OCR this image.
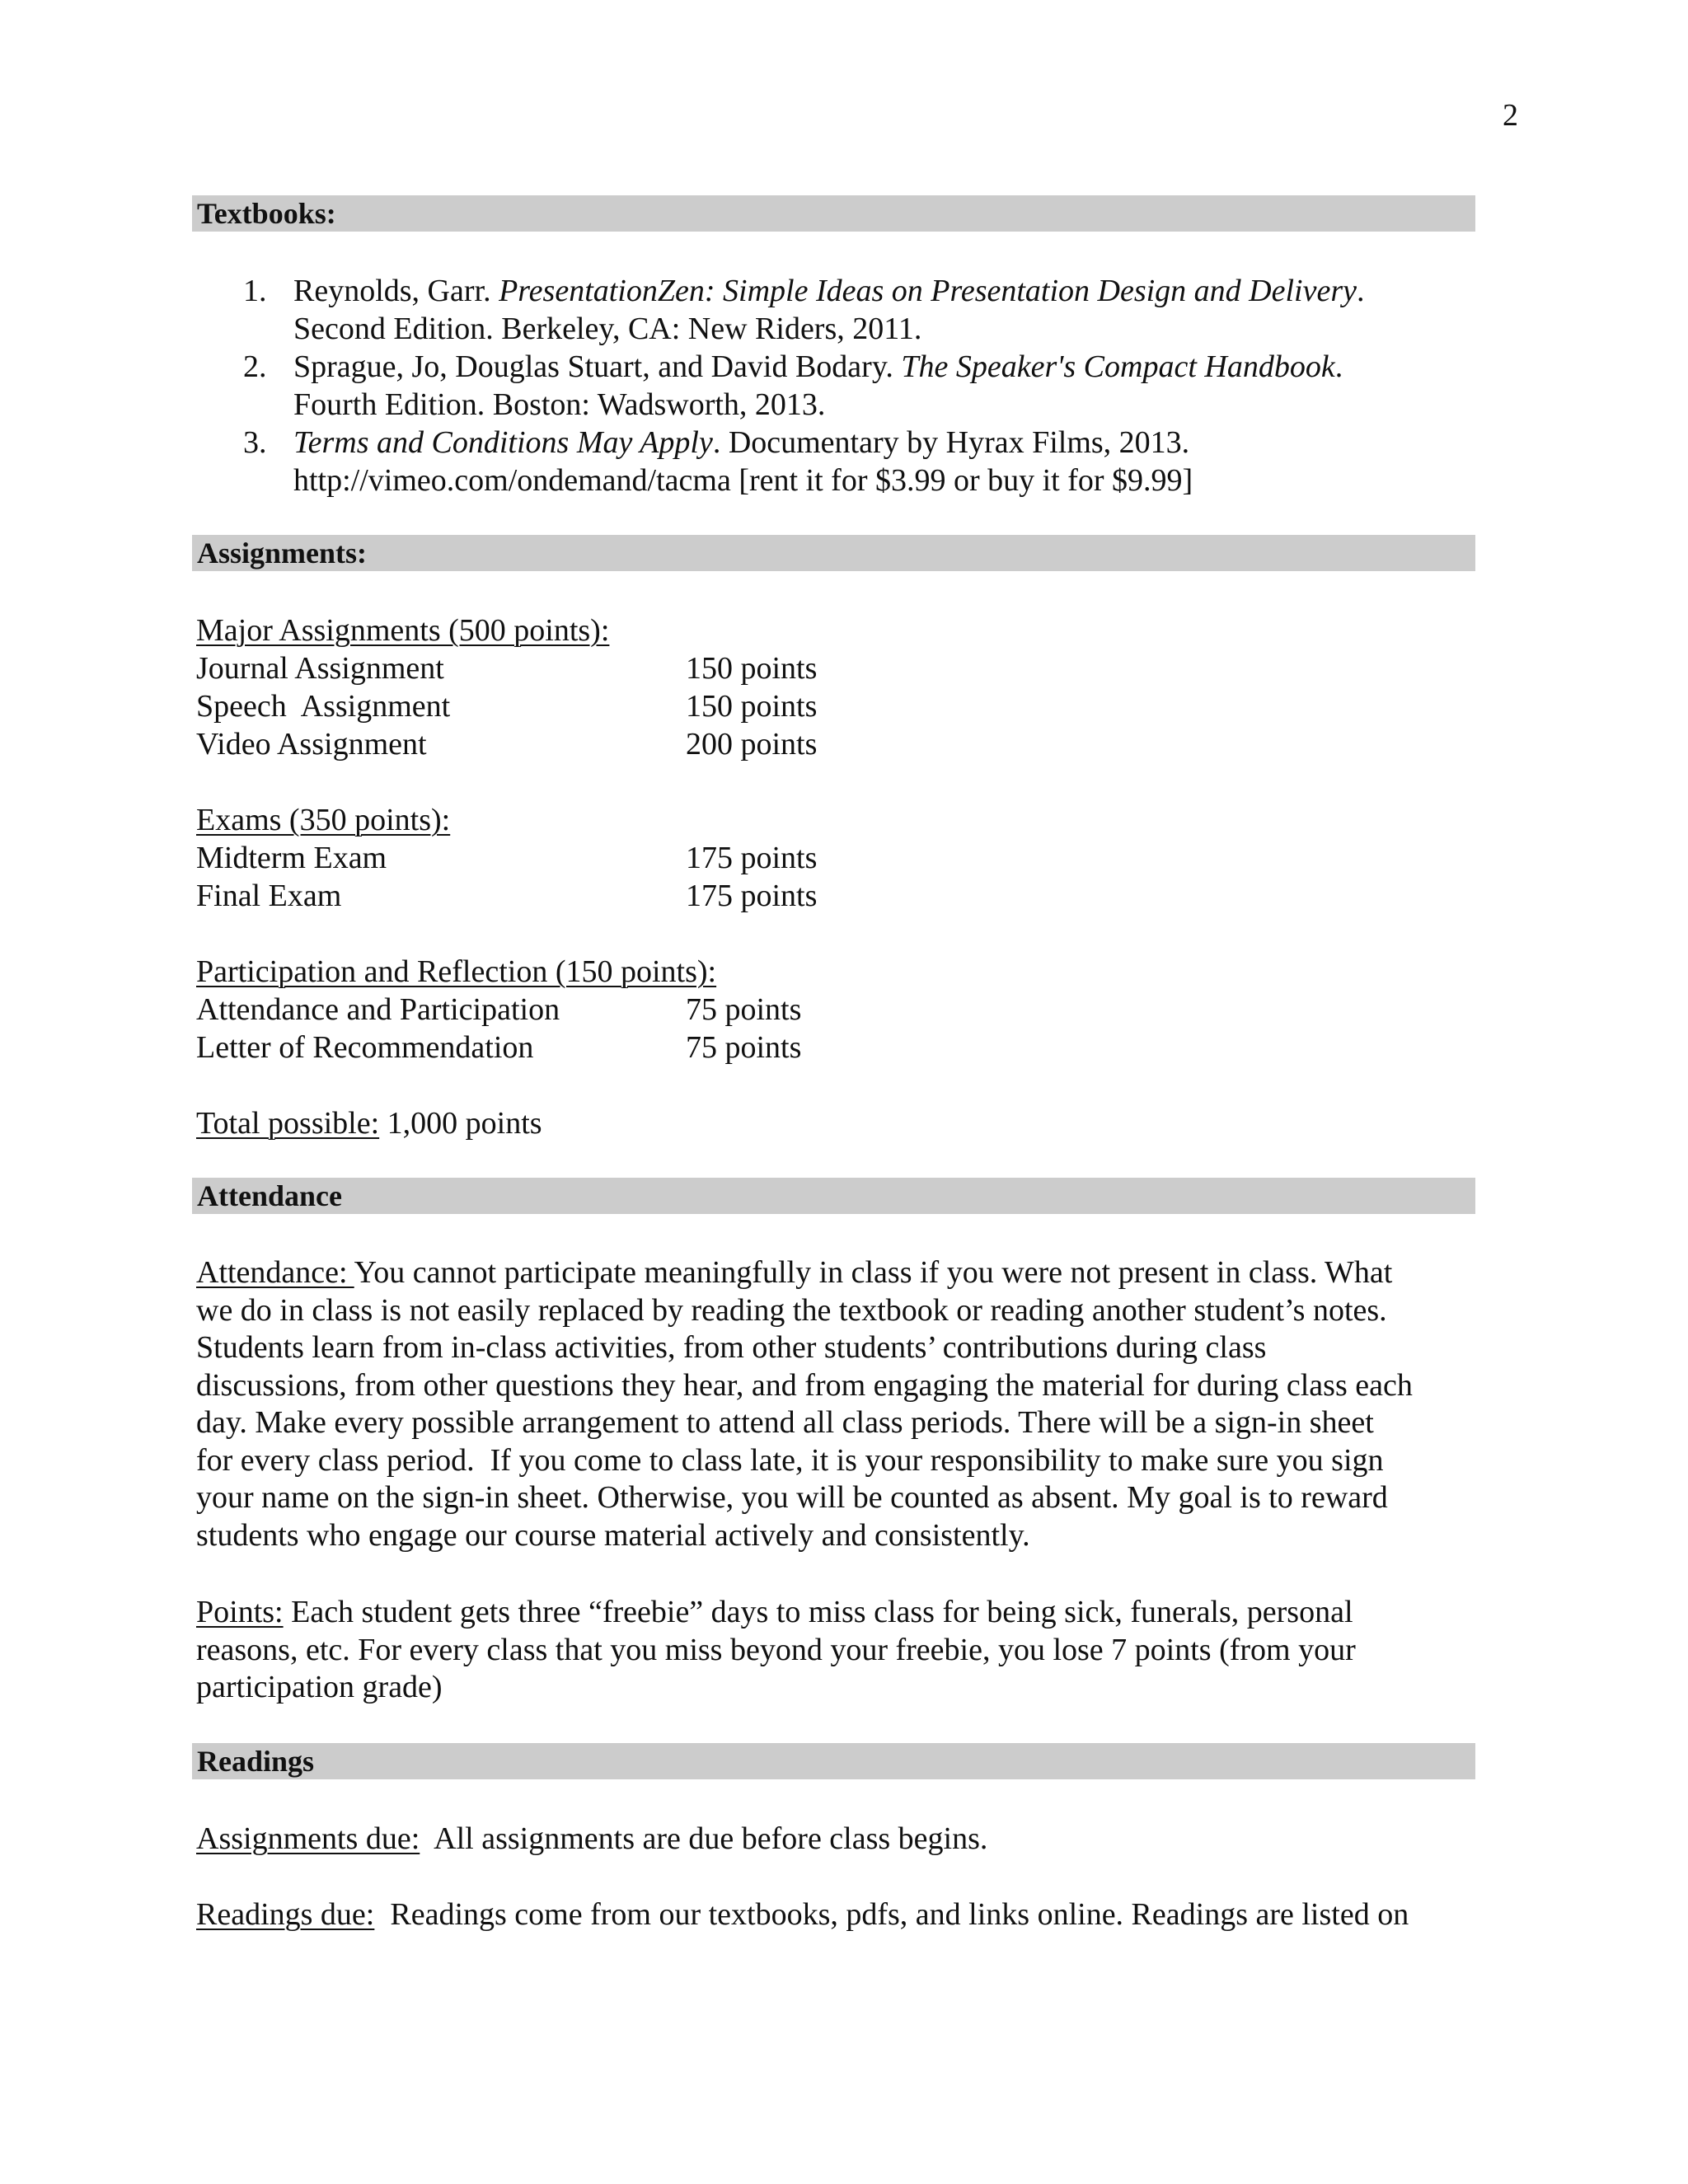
2
Textbooks:
1. Reynolds, Garr. PresentationZen: Simple Ideas on Presentation Design and Delivery.
Second Edition. Berkeley, CA: New Riders, 2011.
2. Sprague, Jo, Douglas Stuart, and David Bodary. The Speaker's Compact Handbook.
Fourth Edition. Boston: Wadsworth, 2013.
3. Terms and Conditions May Apply. Documentary by Hyrax Films, 2013.
http://vimeo.com/ondemand/tacma [rent it for $3.99 or buy it for $9.99]
Assignments:
Major Assignments (500 points):
Journal Assignment	150 points
Speech  Assignment	150 points
Video Assignment	200 points
Exams (350 points):
Midterm Exam	175 points
Final Exam	175 points
Participation and Reflection (150 points):
Attendance and Participation	75 points
Letter of Recommendation	75 points
Total possible: 1,000 points
Attendance
Attendance: You cannot participate meaningfully in class if you were not present in class. What
we do in class is not easily replaced by reading the textbook or reading another student’s notes.
Students learn from in-class activities, from other students’ contributions during class
discussions, from other questions they hear, and from engaging the material for during class each
day. Make every possible arrangement to attend all class periods. There will be a sign-in sheet
for every class period.  If you come to class late, it is your responsibility to make sure you sign
your name on the sign-in sheet. Otherwise, you will be counted as absent. My goal is to reward
students who engage our course material actively and consistently.
Points: Each student gets three “freebie” days to miss class for being sick, funerals, personal
reasons, etc. For every class that you miss beyond your freebie, you lose 7 points (from your
participation grade)
Readings
Assignments due:  All assignments are due before class begins.
Readings due:  Readings come from our textbooks, pdfs, and links online. Readings are listed on
